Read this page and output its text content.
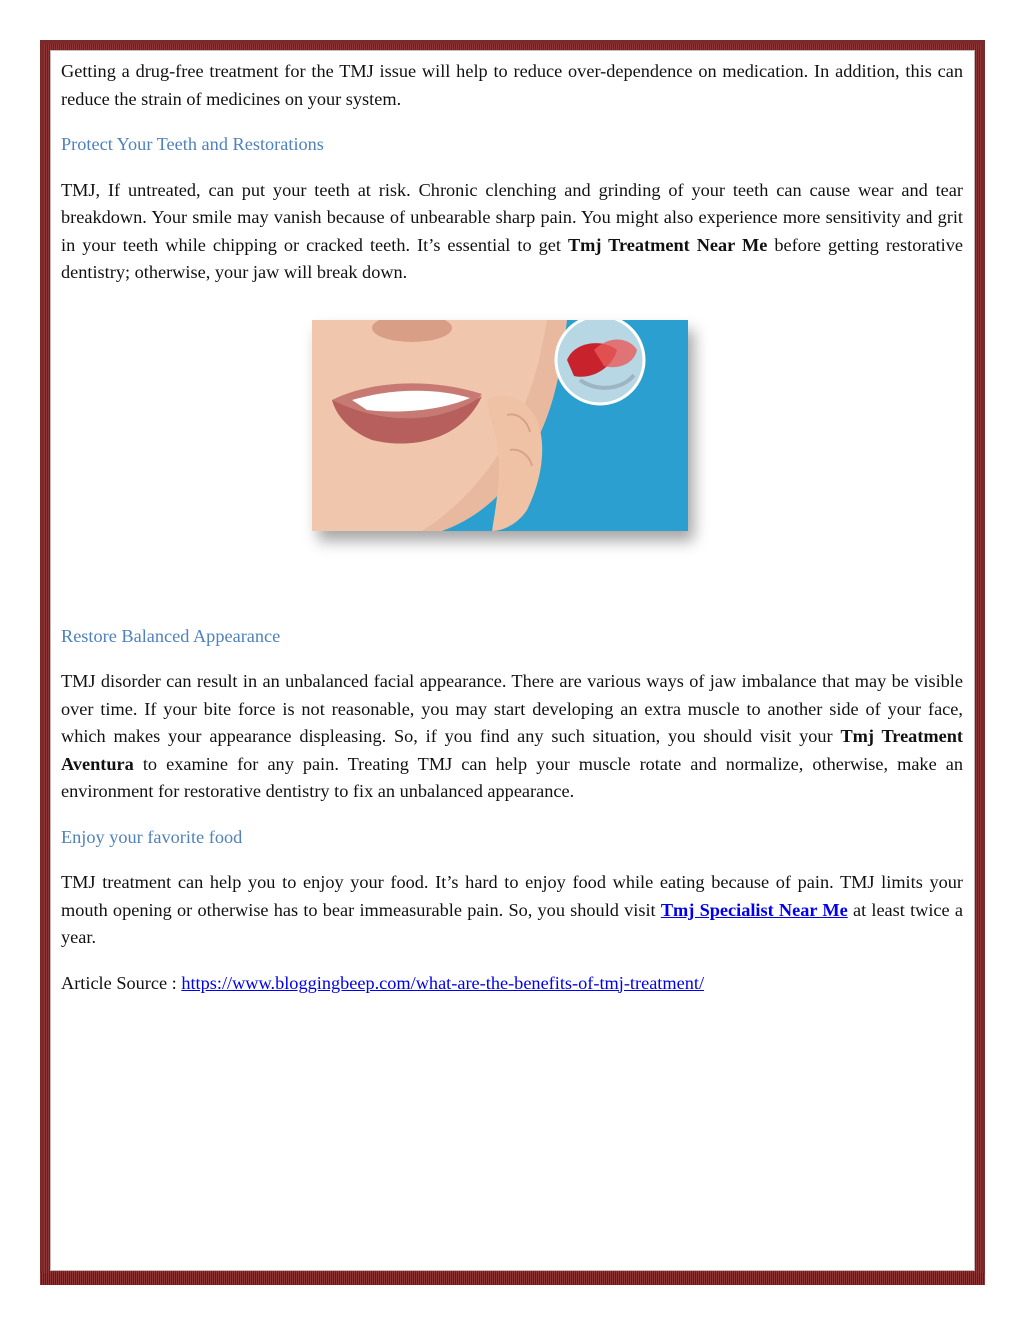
Getting a drug-free treatment for the TMJ issue will help to reduce over-dependence on medication. In addition, this can reduce the strain of medicines on your system.

Protect Your Teeth and Restorations

TMJ, If untreated, can put your teeth at risk. Chronic clenching and grinding of your teeth can cause wear and tear breakdown. Your smile may vanish because of unbearable sharp pain. You might also experience more sensitivity and grit in your teeth while chipping or cracked teeth. It’s essential to get Tmj Treatment Near Me before getting restorative dentistry; otherwise, your jaw will break down.

Restore Balanced Appearance

TMJ disorder can result in an unbalanced facial appearance. There are various ways of jaw imbalance that may be visible over time. If your bite force is not reasonable, you may start developing an extra muscle to another side of your face, which makes your appearance displeasing. So, if you find any such situation, you should visit your Tmj Treatment Aventura to examine for any pain. Treating TMJ can help your muscle rotate and normalize, otherwise, make an environment for restorative dentistry to fix an unbalanced appearance.

Enjoy your favorite food

TMJ treatment can help you to enjoy your food. It’s hard to enjoy food while eating because of pain. TMJ limits your mouth opening or otherwise has to bear immeasurable pain. So, you should visit Tmj Specialist Near Me at least twice a year.

Article Source : https://www.bloggingbeep.com/what-are-the-benefits-of-tmj-treatment/
